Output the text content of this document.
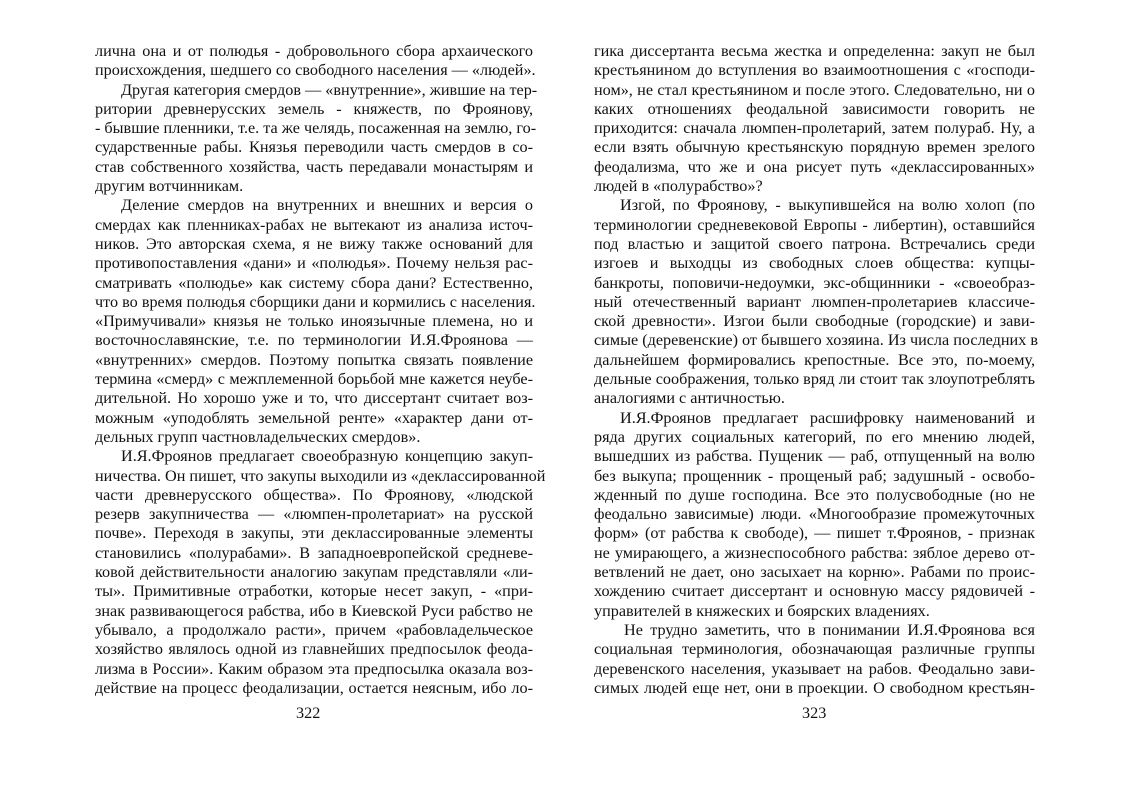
лична она и от полюдья - добровольного сбора архаического
происхождения, шедшего со свободного населения — «людей».
Другая категория смердов — «внутренние», жившие на тер-
ритории древнерусских земель - княжеств, по Фроянову,
- бывшие пленники, т.е. та же челядь, посаженная на землю, го-
сударственные рабы. Князья переводили часть смердов в со-
став собственного хозяйства, часть передавали монастырям и
другим вотчинникам.
Деление смердов на внутренних и внешних и версия о
смердах как пленниках-рабах не вытекают из анализа источ-
ников. Это авторская схема, я не вижу также оснований для
противопоставления «дани» и «полюдья». Почему нельзя рас-
сматривать «полюдье» как систему сбора дани? Естественно,
что во время полюдья сборщики дани и кормились с населения.
«Примучивали» князья не только иноязычные племена, но и
восточнославянские, т.е. по терминологии И.Я.Фроянова —
«внутренних» смердов. Поэтому попытка связать появление
термина «смерд» с межплеменной борьбой мне кажется неубе-
дительной. Но хорошо уже и то, что диссертант считает воз-
можным «уподоблять земельной ренте» «характер дани от-
дельных групп частновладельческих смердов».
И.Я.Фроянов предлагает своеобразную концепцию закуп-
ничества. Он пишет, что закупы выходили из «деклассированной
части древнерусского общества». По Фроянову, «людской
резерв закупничества — «люмпен-пролетариат» на русской
почве». Переходя в закупы, эти деклассированные элементы
становились «полурабами». В западноевропейской средневе-
ковой действительности аналогию закупам представляли «ли-
ты». Примитивные отработки, которые несет закуп, - «при-
знак развивающегося рабства, ибо в Киевской Руси рабство не
убывало, а продолжало расти», причем «рабовладельческое
хозяйство являлось одной из главнейших предпосылок феода-
лизма в России». Каким образом эта предпосылка оказала воз-
действие на процесс феодализации, остается неясным, ибо ло-
гика диссертанта весьма жестка и определенна: закуп не был
крестьянином до вступления во взаимоотношения с «господи-
ном», не стал крестьянином и после этого. Следовательно, ни о
каких отношениях феодальной зависимости говорить не
приходится: сначала люмпен-пролетарий, затем полураб. Ну, а
если взять обычную крестьянскую порядную времен зрелого
феодализма, что же и она рисует путь «деклассированных»
людей в «полурабство»?
Изгой, по Фроянову, - выкупившейся на волю холоп (по
терминологии средневековой Европы - либертин), оставшийся
под властью и защитой своего патрона. Встречались среди
изгоев и выходцы из свободных слоев общества: купцы-
банкроты, поповичи-недоумки, экс-общинники - «своеобраз-
ный отечественный вариант люмпен-пролетариев классиче-
ской древности». Изгои были свободные (городские) и зави-
симые (деревенские) от бывшего хозяина. Из числа последних в
дальнейшем формировались крепостные. Все это, по-моему,
дельные соображения, только вряд ли стоит так злоупотреблять
аналогиями с античностью.
И.Я.Фроянов предлагает расшифровку наименований и
ряда других социальных категорий, по его мнению людей,
вышедших из рабства. Пущеник — раб, отпущенный на волю
без выкупа; прощенник - прощеный раб; задушный - освобо-
жденный по душе господина. Все это полусвободные (но не
феодально зависимые) люди. «Многообразие промежуточных
форм» (от рабства к свободе), — пишет т.Фроянов, - признак
не умирающего, а жизнеспособного рабства: зяблое дерево от-
ветвлений не дает, оно засыхает на корню». Рабами по проис-
хождению считает диссертант и основную массу рядовичей -
управителей в княжеских и боярских владениях.
Не трудно заметить, что в понимании И.Я.Фроянова вся
социальная терминология, обозначающая различные группы
деревенского населения, указывает на рабов. Феодально зави-
симых людей еще нет, они в проекции. О свободном крестьян-
322	323
